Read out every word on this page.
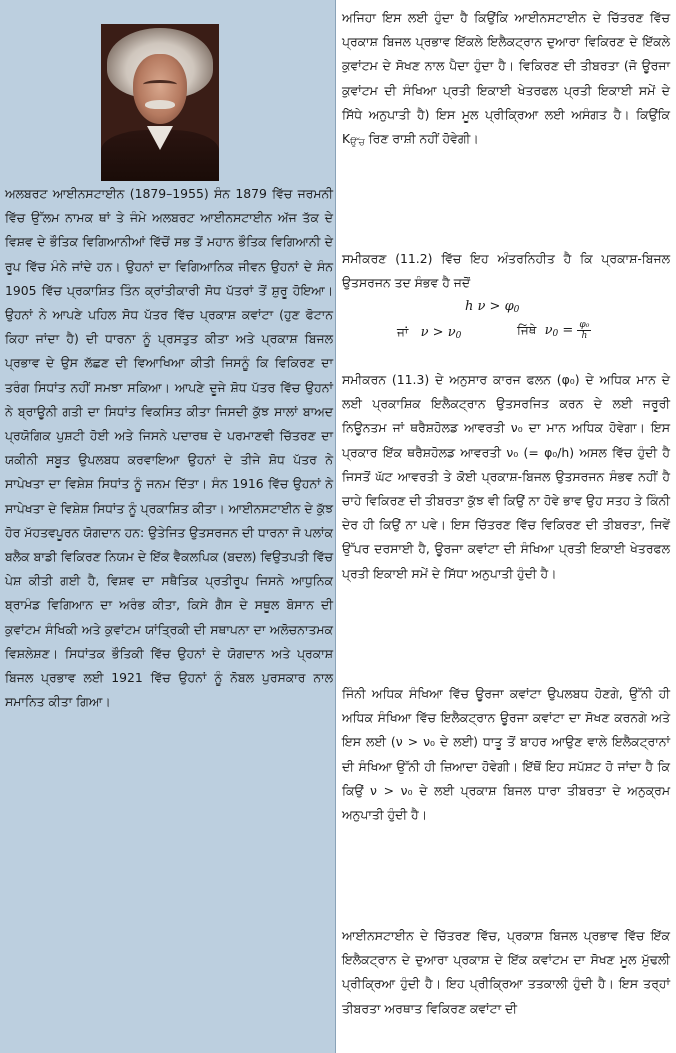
ਅਲਬਰਟ ਆਈਨਸਟਾਈਨ (1879–1955) ਸੰਨ 1879 ਵਿੱਚ ਜਰਮਨੀ ਵਿੱਚ ਉੱਲਮ ਨਾਮਕ ਥਾਂ ਤੇ ਜੰਮੇ ਅਲਬਰਟ ਆਈਨਸਟਾਈਨ ਅੱਜ ਤੱਕ ਦੇ ਵਿਸ਼ਵ ਦੇ ਭੌਤਿਕ ਵਿਗਿਆਨੀਆਂ ਵਿੱਚੋਂ ਸਭ ਤੋਂ ਮਹਾਨ ਭੌਤਿਕ ਵਿਗਿਆਨੀ ਦੇ ਰੂਪ ਵਿੱਚ ਮੰਨੇ ਜਾਂਦੇ ਹਨ। ਉਹਨਾਂ ਦਾ ਵਿਗਿਆਨਿਕ ਜੀਵਨ ਉਹਨਾਂ ਦੇ ਸੰਨ 1905 ਵਿੱਚ ਪ੍ਰਕਾਸ਼ਿਤ ਤਿੰਨ ਕ੍ਰਾਂਤੀਕਾਰੀ ਸੋਧ ਪੱਤਰਾਂ ਤੋਂ ਸ਼ੁਰੂ ਹੋਇਆ। ਉਹਨਾਂ ਨੇ ਆਪਣੇ ਪਹਿਲ ਸੋਧ ਪੱਤਰ ਵਿੱਚ ਪ੍ਰਕਾਸ਼ ਕਵਾਂਟਾ (ਹੁਣ ਫੋਟਾਨ ਕਿਹਾ ਜਾਂਦਾ ਹੈ) ਦੀ ਧਾਰਨਾ ਨੂੰ ਪ੍ਰਸਤੁਤ ਕੀਤਾ ਅਤੇ ਪ੍ਰਕਾਸ਼ ਬਿਜਲ ਪ੍ਰਭਾਵ ਦੇ ਉਸ ਲੱਛਣ ਦੀ ਵਿਆਖਿਆ ਕੀਤੀ ਜਿਸਨੂੰ ਕਿ ਵਿਕਿਰਣ ਦਾ ਤਰੰਗ ਸਿਧਾਂਤ ਨਹੀਂ ਸਮਝਾ ਸਕਿਆ। ਆਪਣੇ ਦੂਜੇ ਸ਼ੋਧ ਪੱਤਰ ਵਿੱਚ ਉਹਨਾਂ ਨੇ ਬ੍ਰਾਊਨੀ ਗਤੀ ਦਾ ਸਿਧਾਂਤ ਵਿਕਸਿਤ ਕੀਤਾ ਜਿਸਦੀ ਕੁੱਝ ਸਾਲਾਂ ਬਾਅਦ ਪ੍ਰਯੋਗਿਕ ਪੁਸ਼ਟੀ ਹੋਈ ਅਤੇ ਜਿਸਨੇ ਪਦਾਰਥ ਦੇ ਪਰਮਾਣਵੀ ਚਿੱਤਰਣ ਦਾ ਯਕੀਨੀ ਸਬੂਤ ਉਪਲਬਧ ਕਰਵਾਇਆ ਉਹਨਾਂ ਦੇ ਤੀਜੇ ਸ਼ੋਧ ਪੱਤਰ ਨੇ ਸਾਪੇਖਤਾ ਦਾ ਵਿਸ਼ੇਸ਼ ਸਿਧਾਂਤ ਨੂੰ ਜਨਮ ਦਿੱਤਾ। ਸੰਨ 1916 ਵਿੱਚ ਉਹਨਾਂ ਨੇ ਸਾਪੇਖਤਾ ਦੇ ਵਿਸ਼ੇਸ਼ ਸਿਧਾਂਤ ਨੂੰ ਪ੍ਰਕਾਸ਼ਿਤ ਕੀਤਾ। ਆਈਨਸਟਾਈਨ ਦੇ ਕੁੱਝ ਹੋਰ ਮੱਹਤਵਪੂਰਨ ਯੋਗਦਾਨ ਹਨ: ਉਤੇਜਿਤ ਉਤਸਰਜਨ ਦੀ ਧਾਰਨਾ ਜੋ ਪਲਾਂਕ ਬਲੈਕ ਬਾਡੀ ਵਿਕਿਰਣ ਨਿਯਮ ਦੇ ਇੱਕ ਵੈਕਲਪਿਕ (ਬਦਲ) ਵਿਉਤਪਤੀ ਵਿੱਚ ਪੇਸ਼ ਕੀਤੀ ਗਈ ਹੈ, ਵਿਸ਼ਵ ਦਾ ਸਥੈਤਿਕ ਪ੍ਰਤੀਰੂਪ ਜਿਸਨੇ ਆਧੁਨਿਕ ਬ੍ਰਾਮੰਡ ਵਿਗਿਆਨ ਦਾ ਅਰੰਭ ਕੀਤਾ, ਕਿਸੇ ਗੈਸ ਦੇ ਸਥੂਲ ਬੋਸਾਨ ਦੀ ਕੁਵਾਂਟਮ ਸੰਖਿਕੀ ਅਤੇ ਕੁਵਾਂਟਮ ਯਾਂਤ੍ਰਿਕੀ ਦੀ ਸਥਾਪਨਾ ਦਾ ਅਲੋਚਨਾਤਮਕ ਵਿਸ਼ਲੇਸ਼ਣ। ਸਿਧਾਂਤਕ ਭੌਤਿਕੀ ਵਿੱਚ ਉਹਨਾਂ ਦੇ ਯੋਗਦਾਨ ਅਤੇ ਪ੍ਰਕਾਸ਼ ਬਿਜਲ ਪ੍ਰਭਾਵ ਲਈ 1921 ਵਿੱਚ ਉਹਨਾਂ ਨੂੰ ਨੋਬਲ ਪੁਰਸਕਾਰ ਨਾਲ ਸਮਾਨਿਤ ਕੀਤਾ ਗਿਆ।

ਅਜਿਹਾ ਇਸ ਲਈ ਹੁੰਦਾ ਹੈ ਕਿਉਂਕਿ ਆਈਨਸਟਾਈਨ ਦੇ ਚਿੱਤਰਣ ਵਿੱਚ ਪ੍ਰਕਾਸ਼ ਬਿਜਲ ਪ੍ਰਭਾਵ ਇੱਕਲੇ ਇਲੈਕਟ੍ਰਾਨ ਦੁਆਰਾ ਵਿਕਿਰਣ ਦੇ ਇੱਕਲੇ ਕੁਵਾਂਟਮ ਦੇ ਸੋਖਣ ਨਾਲ ਪੈਦਾ ਹੁੰਦਾ ਹੈ। ਵਿਕਿਰਣ ਦੀ ਤੀਬਰਤਾ (ਜੋ ਊਰਜਾ ਕੁਵਾਂਟਮ ਦੀ ਸੰਖਿਆ ਪ੍ਰਤੀ ਇਕਾਈ ਖੇਤਰਫਲ ਪ੍ਰਤੀ ਇਕਾਈ ਸਮੇਂ ਦੇ ਸਿੱਧੇ ਅਨੁਪਾਤੀ ਹੈ) ਇਸ ਮੂਲ ਪ੍ਰੀਕ੍ਰਿਆ ਲਈ ਅਸੰਗਤ ਹੈ। ਕਿਉਂਕਿ $K_{ਉੱਚ}$ ਰਿਣ ਰਾਸ਼ੀ ਨਹੀਂ ਹੋਵੇਗੀ।

ਸਮੀਕਰਣ (11.2) ਵਿੱਚ ਇਹ ਅੰਤਰਨਿਹੀਤ ਹੈ ਕਿ ਪ੍ਰਕਾਸ਼-ਬਿਜਲ ਉਤਸਰਜਨ ਤਦ ਸੰਭਵ ਹੈ ਜਦੋਂ

h $\nu > \varphi_0$
ਜਾਂ $\nu > \nu_0$	ਜਿੱਥੇ $\nu_0 = \frac{\text{φ₀}}{h}$

ਸਮੀਕਰਨ (11.3) ਦੇ ਅਨੁਸਾਰ ਕਾਰਜ ਫਲਨ (φ₀) ਦੇ ਅਧਿਕ ਮਾਨ ਦੇ ਲਈ ਪ੍ਰਕਾਸ਼ਿਕ ਇਲੈਕਟ੍ਰਾਨ ਉਤਸਰਜਿਤ ਕਰਨ ਦੇ ਲਈ ਜਰੂਰੀ ਨਿਊਨਤਮ ਜਾਂ ਥਰੈਸ਼ਹੋਲਡ ਆਵਰਤੀ ν₀ ਦਾ ਮਾਨ ਅਧਿਕ ਹੋਵੇਗਾ। ਇਸ ਪ੍ਰਕਾਰ ਇੱਕ ਥਰੈਸ਼ਹੋਲਡ ਆਵਰਤੀ ν₀ (= φ₀/h) ਅਸਲ ਵਿੱਚ ਹੁੰਦੀ ਹੈ ਜਿਸਤੋਂ ਘੱਟ ਆਵਰਤੀ ਤੇ ਕੋਈ ਪ੍ਰਕਾਸ਼-ਬਿਜਲ ਉਤਸਰਜਨ ਸੰਭਵ ਨਹੀਂ ਹੈ ਚਾਹੇ ਵਿਕਿਰਣ ਦੀ ਤੀਬਰਤਾ ਕੁੱਝ ਵੀ ਕਿਉਂ ਨਾ ਹੋਵੇ ਭਾਵ ਉਹ ਸਤਹ ਤੇ ਕਿੰਨੀ ਦੇਰ ਹੀ ਕਿਉਂ ਨਾ ਪਵੇ। ਇਸ ਚਿੱਤਰਣ ਵਿੱਚ ਵਿਕਿਰਣ ਦੀ ਤੀਬਰਤਾ, ਜਿਵੇਂ ਉੱਪਰ ਦਰਸਾਈ ਹੈ, ਊਰਜਾ ਕਵਾਂਟਾ ਦੀ ਸੰਖਿਆ ਪ੍ਰਤੀ ਇਕਾਈ ਖੇਤਰਫਲ ਪ੍ਰਤੀ ਇਕਾਈ ਸਮੇਂ ਦੇ ਸਿੱਧਾ ਅਨੁਪਾਤੀ ਹੁੰਦੀ ਹੈ।

ਜਿੰਨੀ ਅਧਿਕ ਸੰਖਿਆ ਵਿੱਚ ਊਰਜਾ ਕਵਾਂਟਾ ਉਪਲਬਧ ਹੋਣਗੇ, ਉੱਨੀ ਹੀ ਅਧਿਕ ਸੰਖਿਆ ਵਿੱਚ ਇਲੈਕਟ੍ਰਾਨ ਊਰਜਾ ਕਵਾਂਟਾ ਦਾ ਸੋਖਣ ਕਰਨਗੇ ਅਤੇ ਇਸ ਲਈ (ν > ν₀ ਦੇ ਲਈ) ਧਾਤੂ ਤੋਂ ਬਾਹਰ ਆਉਣ ਵਾਲੇ ਇਲੈਕਟ੍ਰਾਨਾਂ ਦੀ ਸੰਖਿਆ ਉੱਨੀ ਹੀ ਜ਼ਿਆਦਾ ਹੋਵੇਗੀ। ਇੱਥੋਂ ਇਹ ਸਪੱਸ਼ਟ ਹੋ ਜਾਂਦਾ ਹੈ ਕਿ ਕਿਉਂ ν > ν₀ ਦੇ ਲਈ ਪ੍ਰਕਾਸ਼ ਬਿਜਲ ਧਾਰਾ ਤੀਬਰਤਾ ਦੇ ਅਨੁਕ੍ਰਮ ਅਨੁਪਾਤੀ ਹੁੰਦੀ ਹੈ।

ਆਈਨਸਟਾਈਨ ਦੇ ਚਿੱਤਰਣ ਵਿੱਚ, ਪ੍ਰਕਾਸ਼ ਬਿਜਲ ਪ੍ਰਭਾਵ ਵਿੱਚ ਇੱਕ ਇਲੈਕਟ੍ਰਾਨ ਦੇ ਦੁਆਰਾ ਪ੍ਰਕਾਸ਼ ਦੇ ਇੱਕ ਕਵਾਂਟਮ ਦਾ ਸੋਖਣ ਮੂਲ ਮੁੱਢਲੀ ਪ੍ਰੀਕ੍ਰਿਆ ਹੁੰਦੀ ਹੈ। ਇਹ ਪ੍ਰੀਕ੍ਰਿਆ ਤਤਕਾਲੀ ਹੁੰਦੀ ਹੈ। ਇਸ ਤਰ੍ਹਾਂ ਤੀਬਰਤਾ ਅਰਥਾਤ ਵਿਕਿਰਣ ਕਵਾਂਟਾ ਦੀ
